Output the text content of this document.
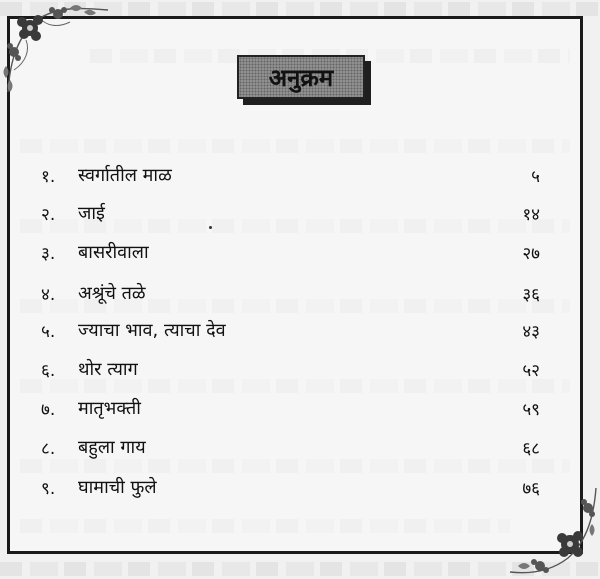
अनुक्रम
१. स्वर्गातील माळ	५
२. जाई	१४
३. बासरीवाला	२७
४. अश्रूंचे तळे	३६
५. ज्याचा भाव, त्याचा देव	४३
६. थोर त्याग	५२
७. मातृभक्ती	५९
८. बहुला गाय	६८
९. घामाची फुले	७६
